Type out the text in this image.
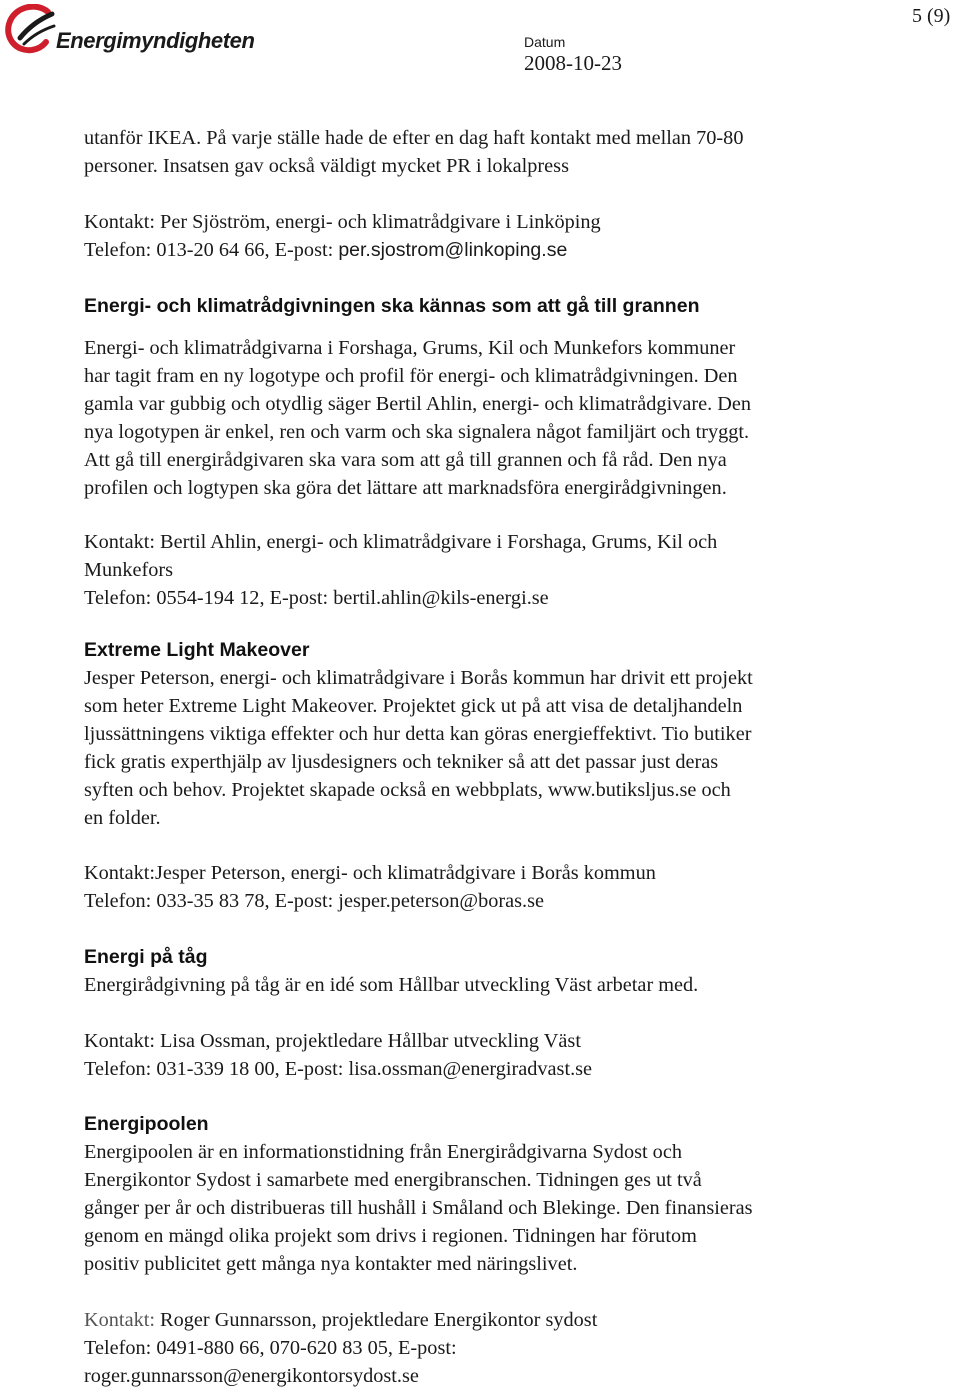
Energimyndigheten	Datum
2008-10-23
5 (9)

utanför IKEA. På varje ställe hade de efter en dag haft kontakt med mellan 70-80

personer. Insatsen gav också väldigt mycket PR i lokalpress

Kontakt: Per Sjöström, energi- och klimatrådgivare i Linköping

Telefon: 013-20 64 66, E-post: per.sjostrom@linkoping.se

Energi- och klimatrådgivningen ska kännas som att gå till grannen

Energi- och klimatrådgivarna i Forshaga, Grums, Kil och Munkefors kommuner

har tagit fram en ny logotype och profil för energi- och klimatrådgivningen. Den

gamla var gubbig och otydlig säger Bertil Ahlin, energi- och klimatrådgivare. Den

nya logotypen är enkel, ren och varm och ska signalera något familjärt och tryggt.

Att gå till energirådgivaren ska vara som att gå till grannen och få råd. Den nya

profilen och logtypen ska göra det lättare att marknadsföra energirådgivningen.

Kontakt: Bertil Ahlin, energi- och klimatrådgivare i Forshaga, Grums, Kil och

Munkefors

Telefon: 0554-194 12, E-post: bertil.ahlin@kils-energi.se

Extreme Light Makeover

Jesper Peterson, energi- och klimatrådgivare i Borås kommun har drivit ett projekt

som heter Extreme Light Makeover. Projektet gick ut på att visa de detaljhandeln

ljussättningens viktiga effekter och hur detta kan göras energieffektivt. Tio butiker

fick gratis experthjälp av ljusdesigners och tekniker så att det passar just deras

syften och behov. Projektet skapade också en webbplats, www.butiksljus.se och

en folder.

Kontakt:Jesper Peterson, energi- och klimatrådgivare i Borås kommun

Telefon: 033-35 83 78, E-post: jesper.peterson@boras.se

Energi på tåg

Energirådgivning på tåg är en idé som Hållbar utveckling Väst arbetar med.

Kontakt: Lisa Ossman, projektledare Hållbar utveckling Väst

Telefon: 031-339 18 00, E-post: lisa.ossman@energiradvast.se

Energipoolen

Energipoolen är en informationstidning från Energirådgivarna Sydost och

Energikontor Sydost i samarbete med energibranschen. Tidningen ges ut två

gånger per år och distribueras till hushåll i Småland och Blekinge. Den finansieras

genom en mängd olika projekt som drivs i regionen. Tidningen har förutom

positiv publicitet gett många nya kontakter med näringslivet.

Kontakt: Roger Gunnarsson, projektledare Energikontor sydost

Telefon: 0491-880 66, 070-620 83 05, E-post:

roger.gunnarsson@energikontorsydost.se
